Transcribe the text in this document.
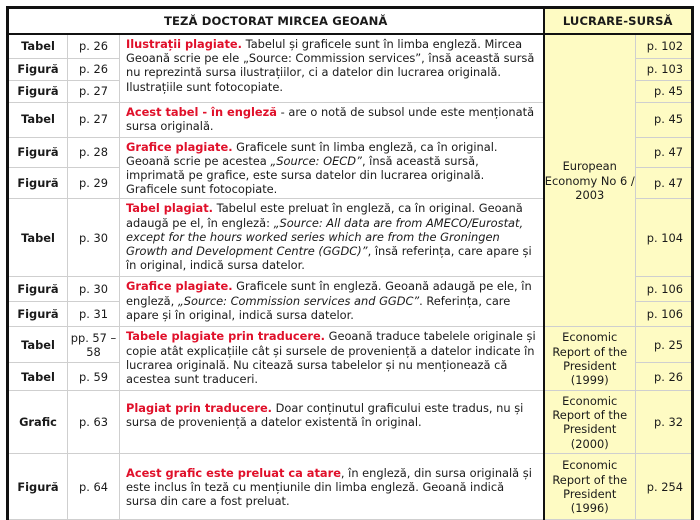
TEZĂ DOCTORAT MIRCEA GEOANĂ			LUCRARE-SURSĂ	
Tabel	p. 26	Ilustrații plagiate. Tabelul și graficele sunt în limba engleză. Mircea Geoană scrie pe ele „Source: Commission services”, însă această sursă nu reprezintă sursa ilustrațiilor, ci a datelor din lucrarea originală. Ilustrațiile sunt fotocopiate.	European Economy No 6 / 2003	p. 102
Figură	p. 26			p. 103
Figură	p. 27			p. 45
Tabel	p. 27	Acest tabel - în engleză - are o notă de subsol unde este menționată sursa originală.		p. 45
Figură	p. 28	Grafice plagiate. Graficele sunt în limba engleză, ca în original. Geoană scrie pe acestea „Source: OECD”, însă această sursă, imprimată pe grafice, este sursa datelor din lucrarea originală. Graficele sunt fotocopiate.		p. 47
Figură	p. 29			p. 47
Tabel	p. 30	Tabel plagiat. Tabelul este preluat în engleză, ca în original. Geoană adaugă pe el, în engleză: „Source: All data are from AMECO/Eurostat, except for the hours worked series which are from the Groningen Growth and Development Centre (GGDC)”, însă referința, care apare și în original, indică sursa datelor.		p. 104
Figură	p. 30	Grafice plagiate. Graficele sunt în engleză. Geoană adaugă pe ele, în engleză, „Source: Commission services and GGDC”. Referința, care apare și în original, indică sursa datelor.		p. 106
Figură	p. 31			p. 106
Tabel	pp. 57 – 58	Tabele plagiate prin traducere. Geoană traduce tabelele originale și copie atât explicațiile cât și sursele de proveniență a datelor indicate în lucrarea originală. Nu citează sursa tabelelor și nu menționează că acestea sunt traduceri.	Economic Report of the President (1999)	p. 25
Tabel	p. 59			p. 26
Grafic	p. 63	Plagiat prin traducere. Doar conținutul graficului este tradus, nu și sursa de proveniență a datelor existentă în original.	Economic Report of the President (2000)	p. 32
Figură	p. 64	Acest grafic este preluat ca atare, în engleză, din sursa originală și este inclus în teză cu mențiunile din limba engleză. Geoană indică sursa din care a fost preluat.	Economic Report of the President (1996)	p. 254
